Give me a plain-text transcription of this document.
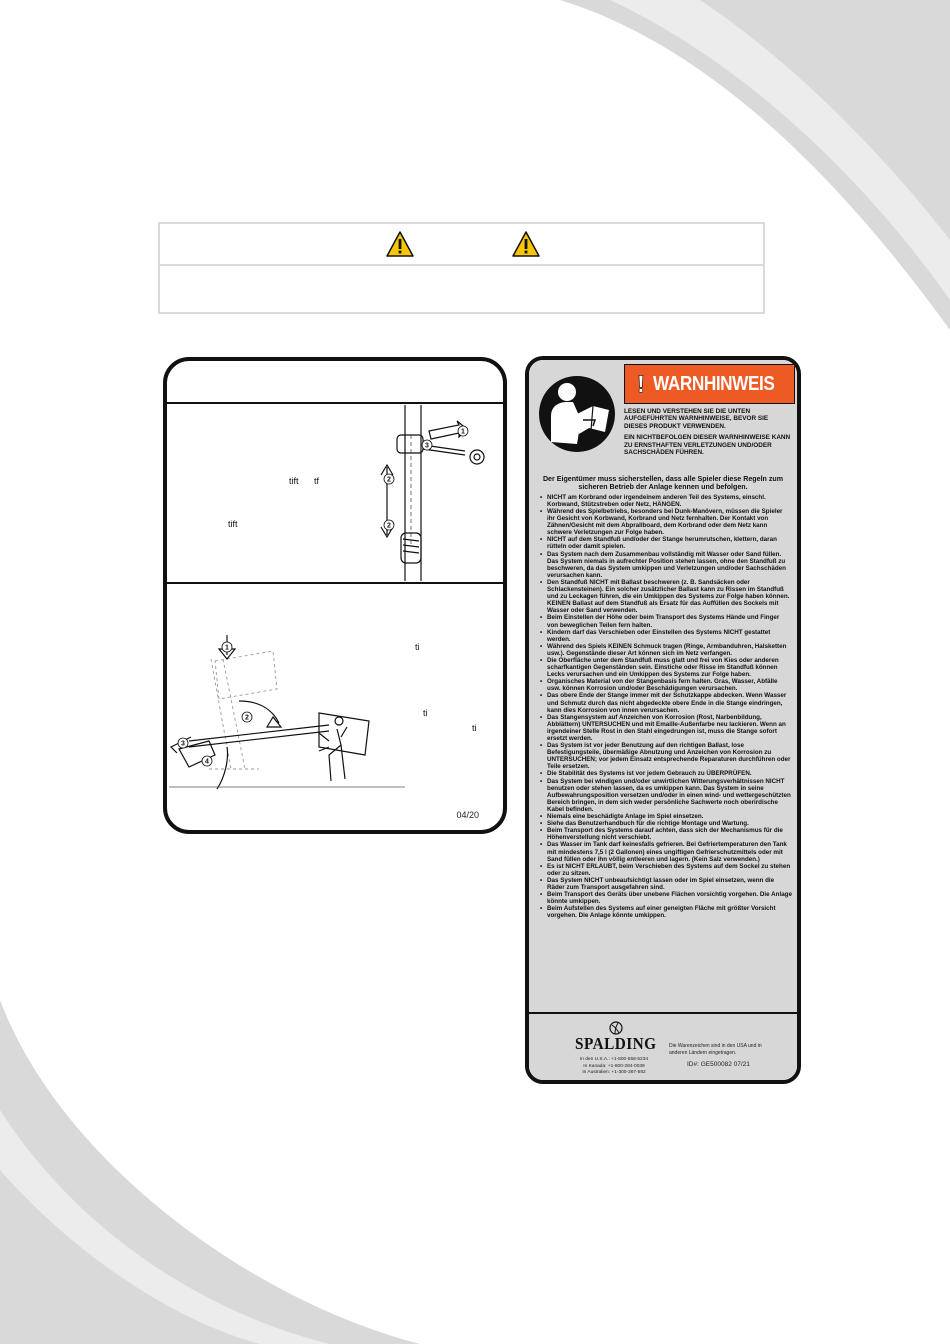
2
2
1
3
1
2
3
4
tift tf
tift
ti
ti
ti
04/20
WARNHINWEIS
LESEN UND VERSTEHEN SIE DIE UNTEN AUFGEFÜHRTEN WARNHINWEISE, BEVOR SIE DIESES PRODUKT VERWENDEN.
EIN NICHTBEFOLGEN DIESER WARNHINWEISE KANN ZU ERNSTHAFTEN VERLETZUNGEN UND/ODER SACHSCHÄDEN FÜHREN.
Der Eigentümer muss sicherstellen, dass alle Spieler diese Regeln zum sicheren Betrieb der Anlage kennen und befolgen.
• NICHT am Korbrand oder irgendeinem anderen Teil des Systems, einschl. Korbwand, Stützstreben oder Netz, HÄNGEN.
• Während des Spielbetriebs, besonders bei Dunk-Manövern, müssen die Spieler ihr Gesicht von Korbwand, Korbrand und Netz fernhalten. Der Kontakt von Zähnen/Gesicht mit dem Abprallboard, dem Korbrand oder dem Netz kann schwere Verletzungen zur Folge haben.
• NICHT auf dem Standfuß und/oder der Stange herumrutschen, klettern, daran rütteln oder damit spielen.
• Das System nach dem Zusammenbau vollständig mit Wasser oder Sand füllen. Das System niemals in aufrechter Position stehen lassen, ohne den Standfuß zu beschweren, da das System umkippen und Verletzungen und/oder Sachschäden verursachen kann.
• Den Standfuß NICHT mit Ballast beschweren (z. B. Sandsäcken oder Schlackensteinen). Ein solcher zusätzlicher Ballast kann zu Rissen im Standfuß und zu Leckagen führen, die ein Umkippen des Systems zur Folge haben können. KEINEN Ballast auf dem Standfuß als Ersatz für das Auffüllen des Sockels mit Wasser oder Sand verwenden.
• Beim Einstellen der Höhe oder beim Transport des Systems Hände und Finger von beweglichen Teilen fern halten.
• Kindern darf das Verschieben oder Einstellen des Systems NICHT gestattet werden.
• Während des Spiels KEINEN Schmuck tragen (Ringe, Armbanduhren, Halsketten usw.). Gegenstände dieser Art können sich im Netz verfangen.
• Die Oberfläche unter dem Standfuß muss glatt und frei von Kies oder anderen scharfkantigen Gegenständen sein. Einstiche oder Risse im Standfuß können Lecks verursachen und ein Umkippen des Systems zur Folge haben.
• Organisches Material von der Stangenbasis fern halten. Gras, Wasser, Abfälle usw. können Korrosion und/oder Beschädigungen verursachen.
• Das obere Ende der Stange immer mit der Schutzkappe abdecken. Wenn Wasser und Schmutz durch das nicht abgedeckte obere Ende in die Stange eindringen, kann dies Korrosion von innen verursachen.
• Das Stangensystem auf Anzeichen von Korrosion (Rost, Narbenbildung, Abblättern) UNTERSUCHEN und mit Emaille-Außenfarbe neu lackieren. Wenn an irgendeiner Stelle Rost in den Stahl eingedrungen ist, muss die Stange sofort ersetzt werden.
• Das System ist vor jeder Benutzung auf den richtigen Ballast, lose Befestigungsteile, übermäßige Abnutzung und Anzeichen von Korrosion zu UNTERSUCHEN; vor jedem Einsatz entsprechende Reparaturen durchführen oder Teile ersetzen.
• Die Stabilität des Systems ist vor jedem Gebrauch zu ÜBERPRÜFEN.
• Das System bei windigen und/oder unwirtlichen Witterungsverhältnissen NICHT benutzen oder stehen lassen, da es umkippen kann. Das System in seine Aufbewahrungsposition versetzen und/oder in einen wind- und wettergeschützten Bereich bringen, in dem sich weder persönliche Sachwerte noch oberirdische Kabel befinden.
• Niemals eine beschädigte Anlage im Spiel einsetzen.
• Siehe das Benutzerhandbuch für die richtige Montage und Wartung.
• Beim Transport des Systems darauf achten, dass sich der Mechanismus für die Höhenverstellung nicht verschiebt.
• Das Wasser im Tank darf keinesfalls gefrieren. Bei Gefriertemperaturen den Tank mit mindestens 7,5 l (2 Gallonen) eines ungiftigen Gefrierschutzmittels oder mit Sand füllen oder ihn völlig entleeren und lagern. (Kein Salz verwenden.)
• Es ist NICHT ERLAUBT, beim Verschieben des Systems auf dem Sockel zu stehen oder zu sitzen.
• Das System NICHT unbeaufsichtigt lassen oder im Spiel einsetzen, wenn die Räder zum Transport ausgefahren sind.
• Beim Transport des Geräts über unebene Flächen vorsichtig vorgehen. Die Anlage könnte umkippen.
• Beim Aufstellen des Systems auf einer geneigten Fläche mit größter Vorsicht vorgehen. Die Anlage könnte umkippen.
SPALDING
In den U.S.A.: +1-800-558-5234
In Kanada: +1-800-284-0039
In Australien: +1-300-367-582
Die Warenzeichen sind in den USA und in anderen Ländern eingetragen.
ID#: GE500082 07/21
